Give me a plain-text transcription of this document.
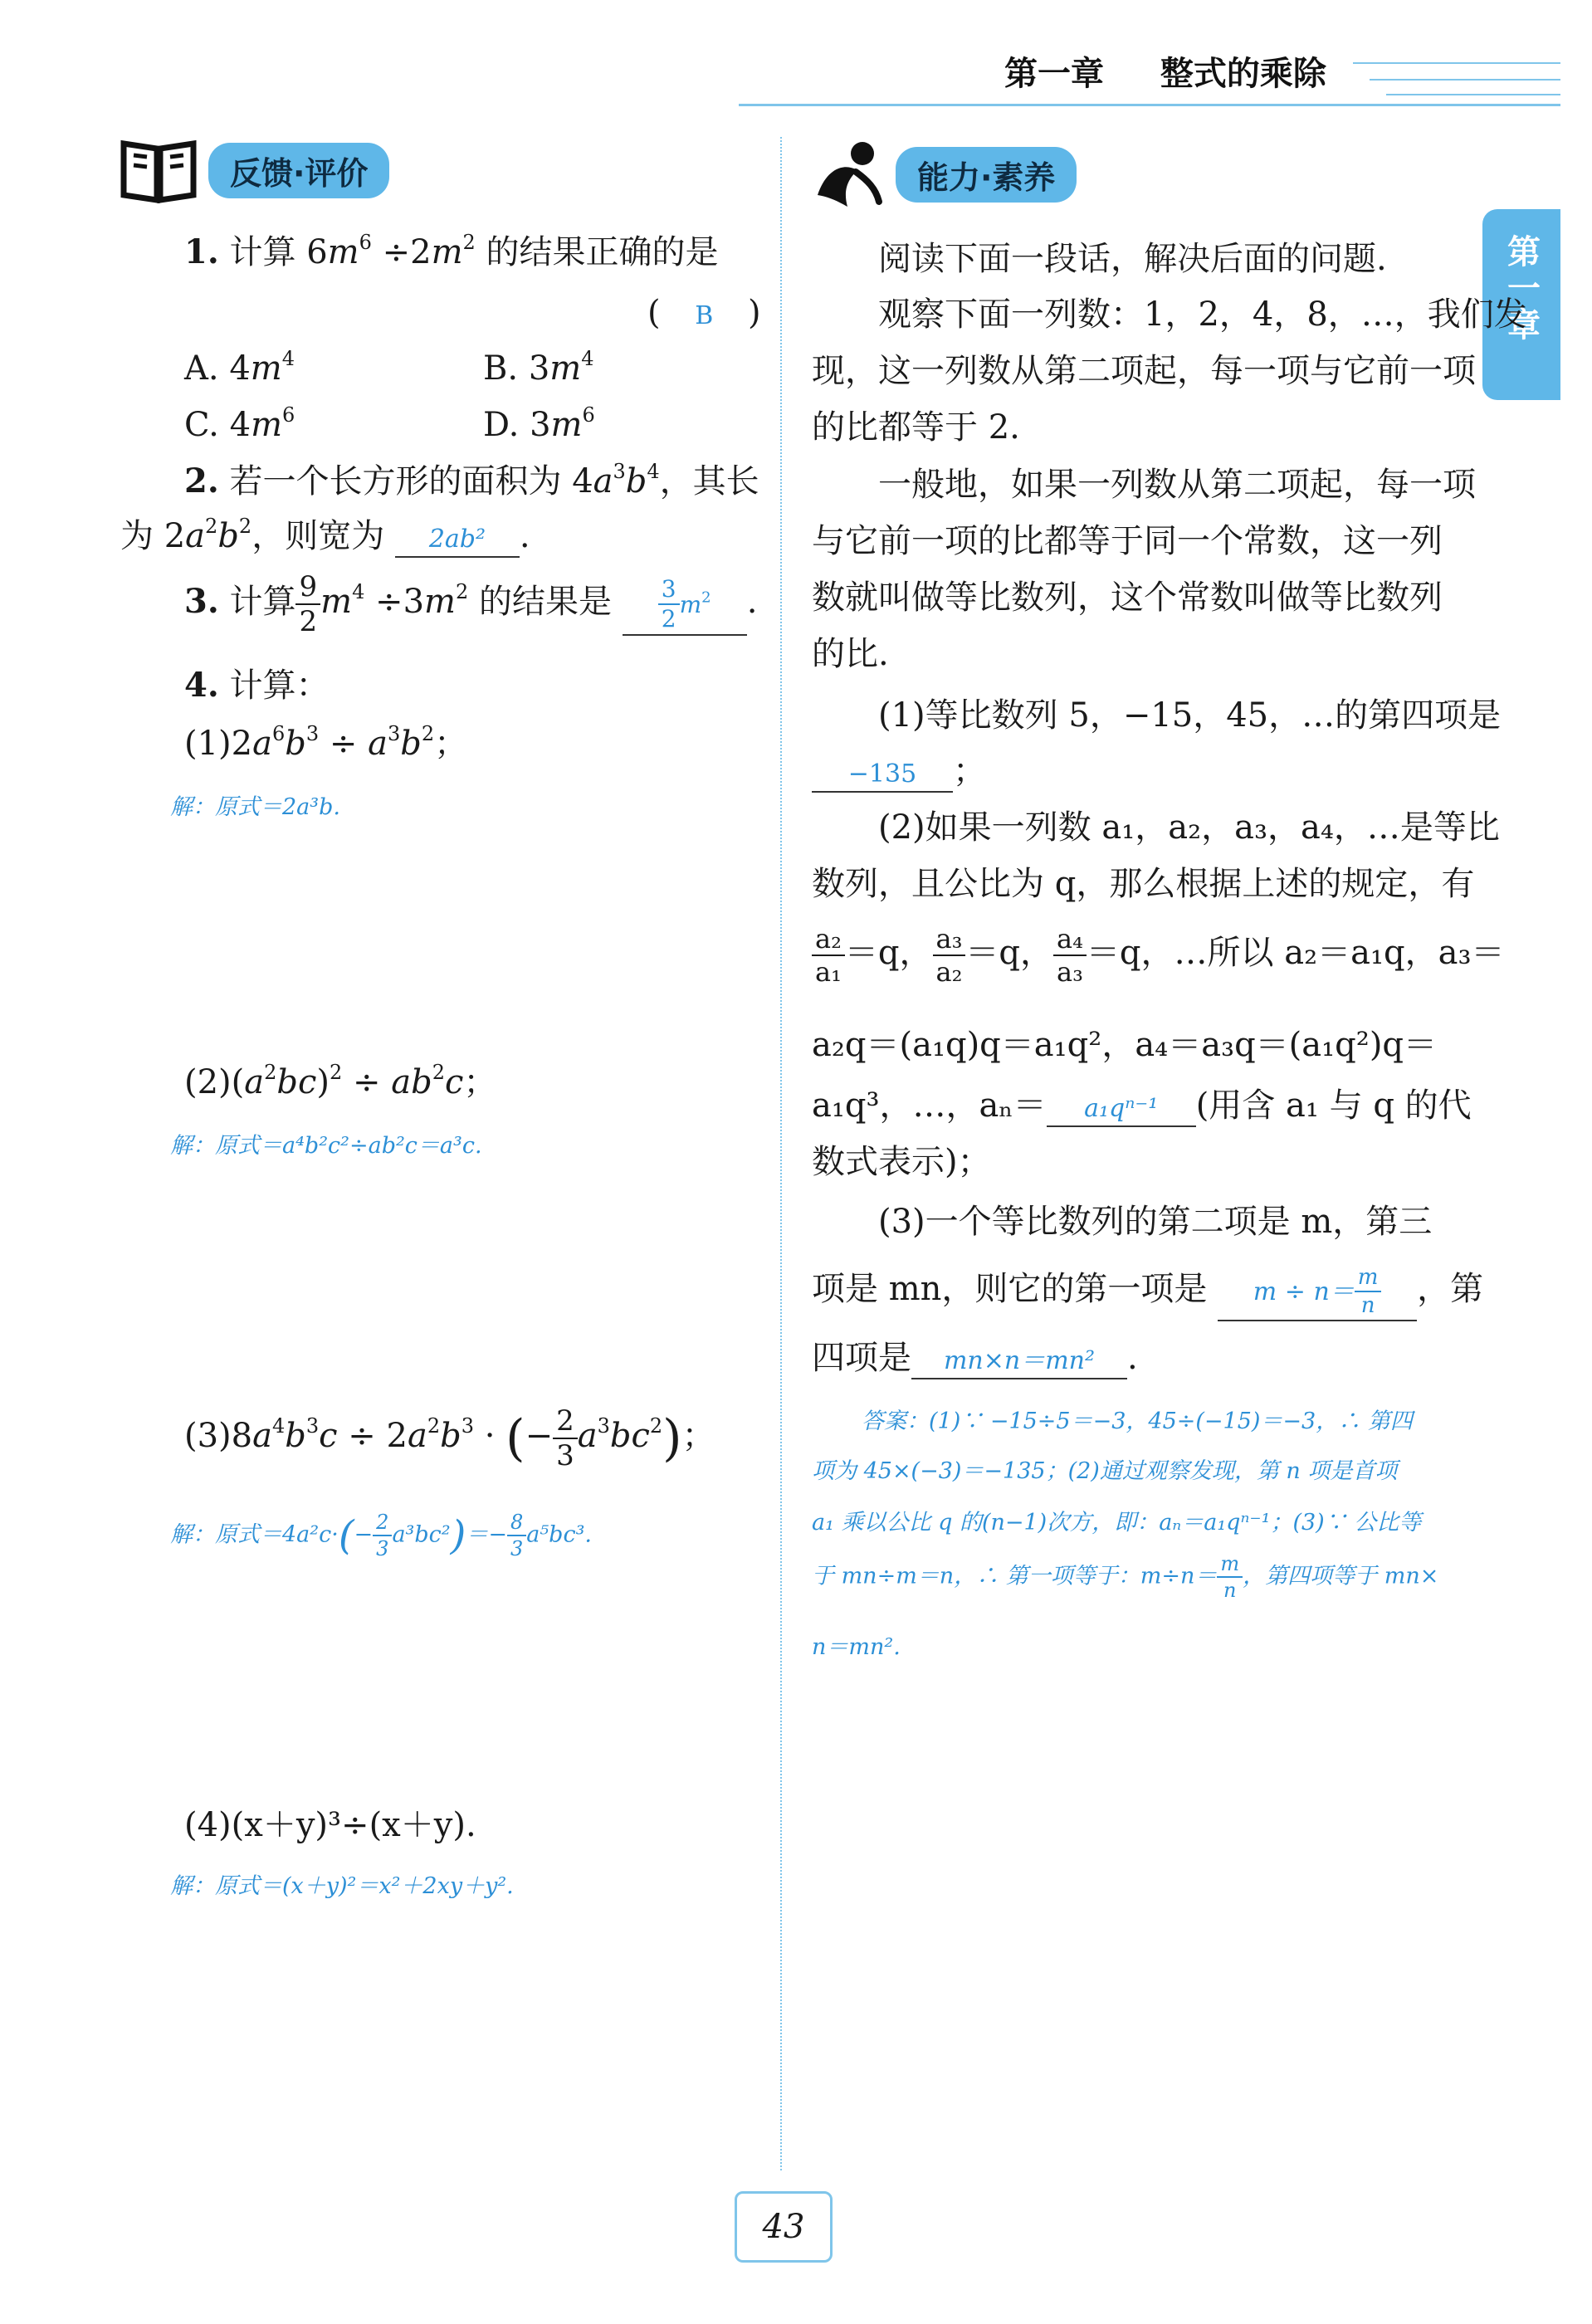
第一章 整式的乘除
第一章
反馈·评价
1. 计算 $6m^6 \div 2m^2$ 的结果正确的是
( B )
A. $4m^4$	B. $3m^4$
C. $4m^6$	D. $3m^6$
2. 若一个长方形的面积为 $4a^3b^4$，其长
为 $2a^2b^2$，则宽为 2ab² .
3. 计算 $\frac{9}{2} m^4 \div 3m^2$ 的结果是 $\frac{3}{2} m^2$ .
4. 计算：
$(1)2a^6b^3 \div a^3b^2$；
解：原式＝2a³b.
$(2)(a^2bc)^2 \div ab^2c$；
解：原式＝a⁴b²c²÷ab²c＝a³c.
$(3)8a^4b^3c \div 2a^2b^3$ · (− $\frac{2}{3} a^3bc^2$)；
解：原式$=4a^2c\cdot(- \frac{2}{3} a^3bc^2)=- \frac{8}{3} a^5bc^3$.
(4)(x＋y)³÷(x＋y).
解：原式＝(x＋y)²＝x²＋2xy＋y².
能力·素养
阅读下面一段话，解决后面的问题.
观察下面一列数：1，2，4，8，…，我们发
现，这一列数从第二项起，每一项与它前一项
的比都等于 2.
一般地，如果一列数从第二项起，每一项
与它前一项的比都等于同一个常数，这一列
数就叫做等比数列，这个常数叫做等比数列
的比.
(1)等比数列 5，−15，45，…的第四项是
−135 ；
(2)如果一列数 a₁，a₂，a₃，a₄，…是等比
数列，且公比为 q，那么根据上述的规定，有
$\frac{\text{a₂}}{\text{a₁}} =q$， $\frac{\text{a₃}}{\text{a₂}} =q$， $\frac{\text{a₄}}{\text{a₃}} =q$，…所以 a₂＝a₁q，a₃＝
a₂q＝(a₁q)q＝a₁q²，a₄＝a₃q＝(a₁q²)q＝
a₁q³，…，aₙ＝ a₁qⁿ⁻¹ (用含 a₁ 与 q 的代
数式表示)；
(3)一个等比数列的第二项是 m，第三
项是 mn，则它的第一项是 $m \div n= \frac{m}{n}$ ，第
四项是 mn×n＝mn² .
答案：(1)∵ −15÷5＝−3，45÷(−15)＝−3，∴ 第四
项为 45×(−3)＝−135；(2)通过观察发现，第 n 项是首项
a₁ 乘以公比 q 的(n−1)次方，即：aₙ＝a₁qⁿ⁻¹；(3)∵ 公比等
于 mn÷m＝n，∴ 第一项等于：$m\div n= \frac{m}{n}$ ，第四项等于 mn×
n＝mn².
43
